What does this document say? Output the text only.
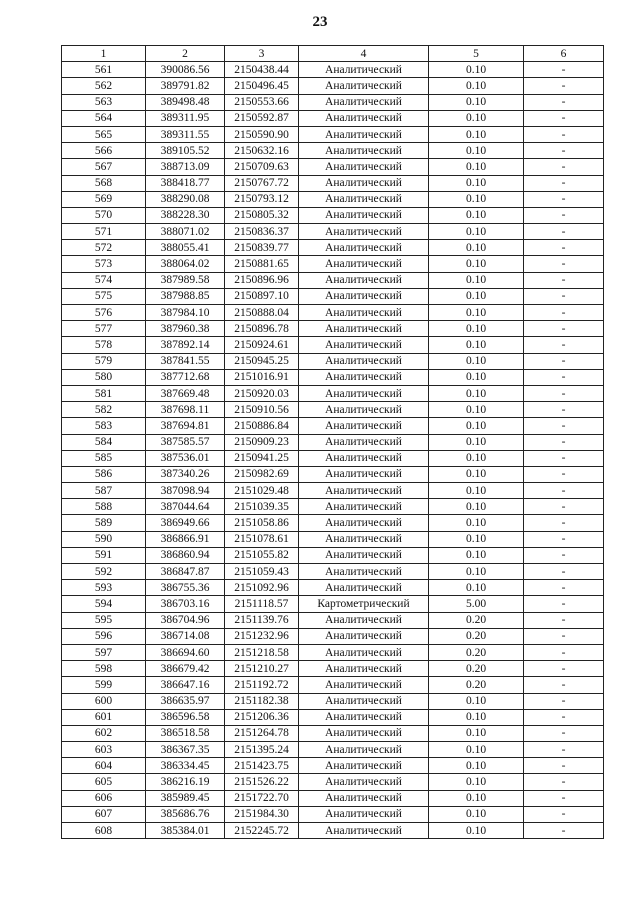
23
1	2	3	4	5	6
561	390086.56	2150438.44	Аналитический	0.10	-
562	389791.82	2150496.45	Аналитический	0.10	-
563	389498.48	2150553.66	Аналитический	0.10	-
564	389311.95	2150592.87	Аналитический	0.10	-
565	389311.55	2150590.90	Аналитический	0.10	-
566	389105.52	2150632.16	Аналитический	0.10	-
567	388713.09	2150709.63	Аналитический	0.10	-
568	388418.77	2150767.72	Аналитический	0.10	-
569	388290.08	2150793.12	Аналитический	0.10	-
570	388228.30	2150805.32	Аналитический	0.10	-
571	388071.02	2150836.37	Аналитический	0.10	-
572	388055.41	2150839.77	Аналитический	0.10	-
573	388064.02	2150881.65	Аналитический	0.10	-
574	387989.58	2150896.96	Аналитический	0.10	-
575	387988.85	2150897.10	Аналитический	0.10	-
576	387984.10	2150888.04	Аналитический	0.10	-
577	387960.38	2150896.78	Аналитический	0.10	-
578	387892.14	2150924.61	Аналитический	0.10	-
579	387841.55	2150945.25	Аналитический	0.10	-
580	387712.68	2151016.91	Аналитический	0.10	-
581	387669.48	2150920.03	Аналитический	0.10	-
582	387698.11	2150910.56	Аналитический	0.10	-
583	387694.81	2150886.84	Аналитический	0.10	-
584	387585.57	2150909.23	Аналитический	0.10	-
585	387536.01	2150941.25	Аналитический	0.10	-
586	387340.26	2150982.69	Аналитический	0.10	-
587	387098.94	2151029.48	Аналитический	0.10	-
588	387044.64	2151039.35	Аналитический	0.10	-
589	386949.66	2151058.86	Аналитический	0.10	-
590	386866.91	2151078.61	Аналитический	0.10	-
591	386860.94	2151055.82	Аналитический	0.10	-
592	386847.87	2151059.43	Аналитический	0.10	-
593	386755.36	2151092.96	Аналитический	0.10	-
594	386703.16	2151118.57	Картометрический	5.00	-
595	386704.96	2151139.76	Аналитический	0.20	-
596	386714.08	2151232.96	Аналитический	0.20	-
597	386694.60	2151218.58	Аналитический	0.20	-
598	386679.42	2151210.27	Аналитический	0.20	-
599	386647.16	2151192.72	Аналитический	0.20	-
600	386635.97	2151182.38	Аналитический	0.10	-
601	386596.58	2151206.36	Аналитический	0.10	-
602	386518.58	2151264.78	Аналитический	0.10	-
603	386367.35	2151395.24	Аналитический	0.10	-
604	386334.45	2151423.75	Аналитический	0.10	-
605	386216.19	2151526.22	Аналитический	0.10	-
606	385989.45	2151722.70	Аналитический	0.10	-
607	385686.76	2151984.30	Аналитический	0.10	-
608	385384.01	2152245.72	Аналитический	0.10	-
